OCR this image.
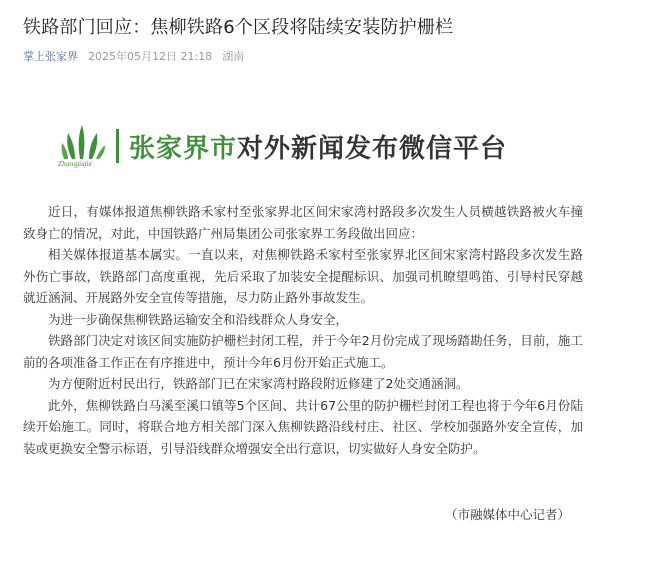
铁路部门回应：焦柳铁路6个区段将陆续安装防护栅栏
掌上张家界 2025年05月12日 21:18 湖南
Zhangjiajie
张家界市对外新闻发布微信平台

近日，有媒体报道焦柳铁路禾家村至张家界北区间宋家湾村路段多次发生人员横越铁路被火车撞致身亡的情况，对此，中国铁路广州局集团公司张家界工务段做出回应：

相关媒体报道基本属实。一直以来，对焦柳铁路禾家村至张家界北区间宋家湾村路段多次发生路外伤亡事故，铁路部门高度重视，先后采取了加装安全提醒标识、加强司机瞭望鸣笛、引导村民穿越就近涵洞、开展路外安全宣传等措施，尽力防止路外事故发生。

为进一步确保焦柳铁路运输安全和沿线群众人身安全，

铁路部门决定对该区间实施防护栅栏封闭工程，并于今年2月份完成了现场踏勘任务，目前，施工前的各项准备工作正在有序推进中，预计今年6月份开始正式施工。

为方便附近村民出行，铁路部门已在宋家湾村路段附近修建了2处交通涵洞。

此外，焦柳铁路白马溪至溪口镇等5个区间、共计67公里的防护栅栏封闭工程也将于今年6月份陆续开始施工。同时，将联合地方相关部门深入焦柳铁路沿线村庄、社区、学校加强路外安全宣传，加装或更换安全警示标语，引导沿线群众增强安全出行意识，切实做好人身安全防护。

（市融媒体中心记者）
